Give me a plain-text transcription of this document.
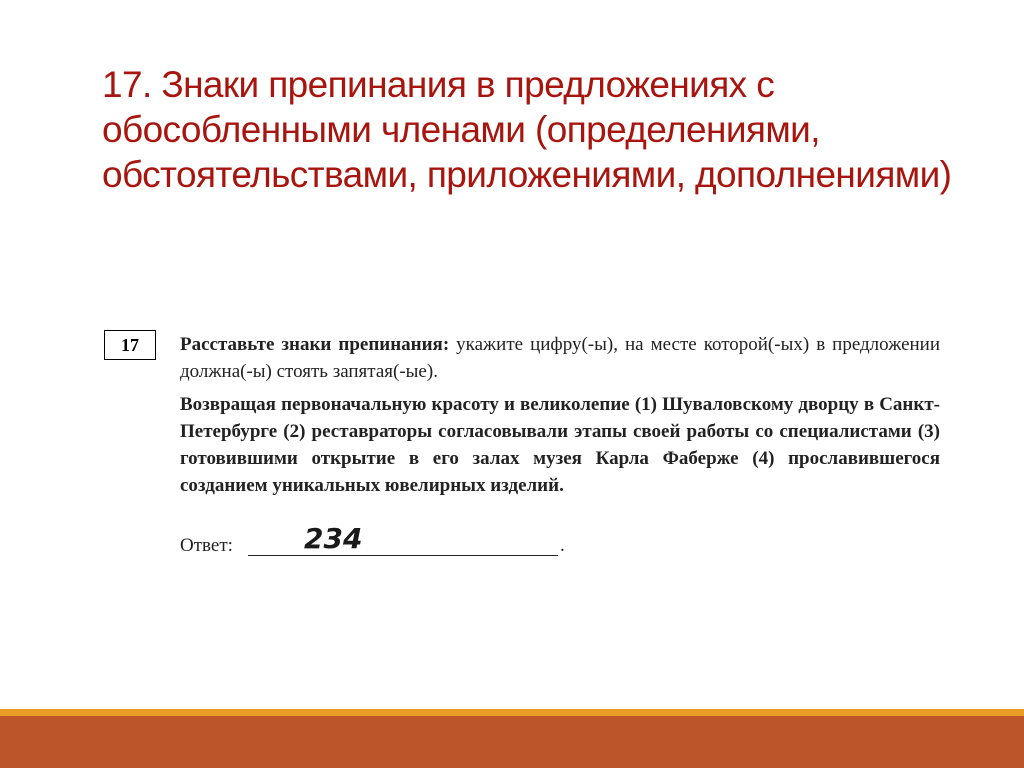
17. Знаки препинания в предложениях с обособленными членами (определениями, обстоятельствами, приложениями, дополнениями)
17	Расставьте знаки препинания: укажите цифру(-ы), на месте которой(-ых) в предложении должна(-ы) стоять запятая(-ые).

Возвращая первоначальную красоту и великолепие (1) Шуваловскому дворцу в Санкт-Петербурге (2) реставраторы согласовывали этапы своей работы со специалистами (3) готовившими открытие в его залах музея Карла Фаберже (4) прославившегося созданием уникальных ювелирных изделий.

Ответ:	.
234
